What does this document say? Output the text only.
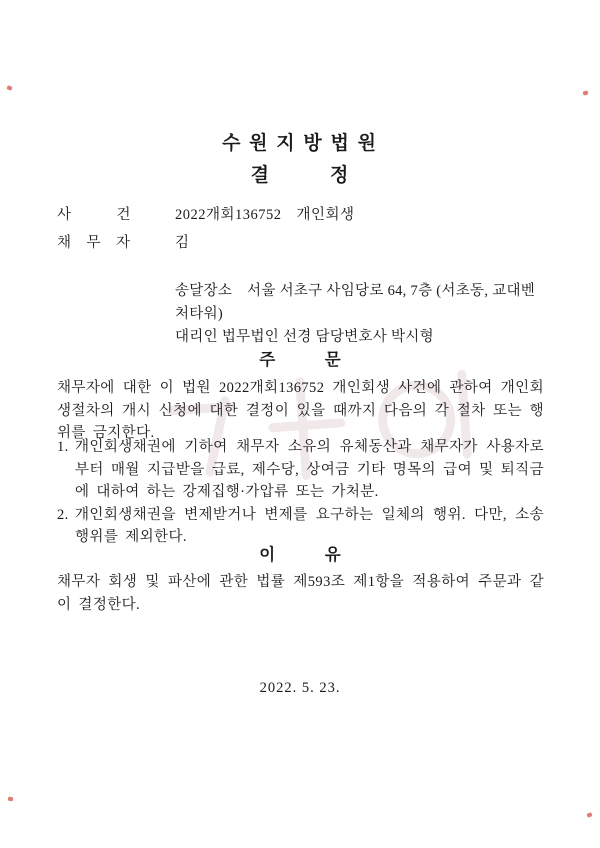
수 원 지 방 법 원
결　　　정
사　　　건	2022개회136752　개인회생
채　무　자	김
송달장소　서울 서초구 사임당로 64, 7층 (서초동, 교대벤처타워)
대리인 법무법인 선경 담당변호사 박시형
주　　　문
채무자에 대한 이 법원 2022개회136752 개인회생 사건에 관하여 개인회생절차의 개시 신청에 대한 결정이 있을 때까지 다음의 각 절차 또는 행위를 금지한다.
1. 개인회생채권에 기하여 채무자 소유의 유체동산과 채무자가 사용자로부터 매월 지급받을 급료, 제수당, 상여금 기타 명목의 급여 및 퇴직금에 대하여 하는 강제집행·가압류 또는 가처분.
2. 개인회생채권을 변제받거나 변제를 요구하는 일체의 행위. 다만, 소송행위를 제외한다.
이　　　유
채무자 회생 및 파산에 관한 법률 제593조 제1항을 적용하여 주문과 같이 결정한다.
2022. 5. 23.
